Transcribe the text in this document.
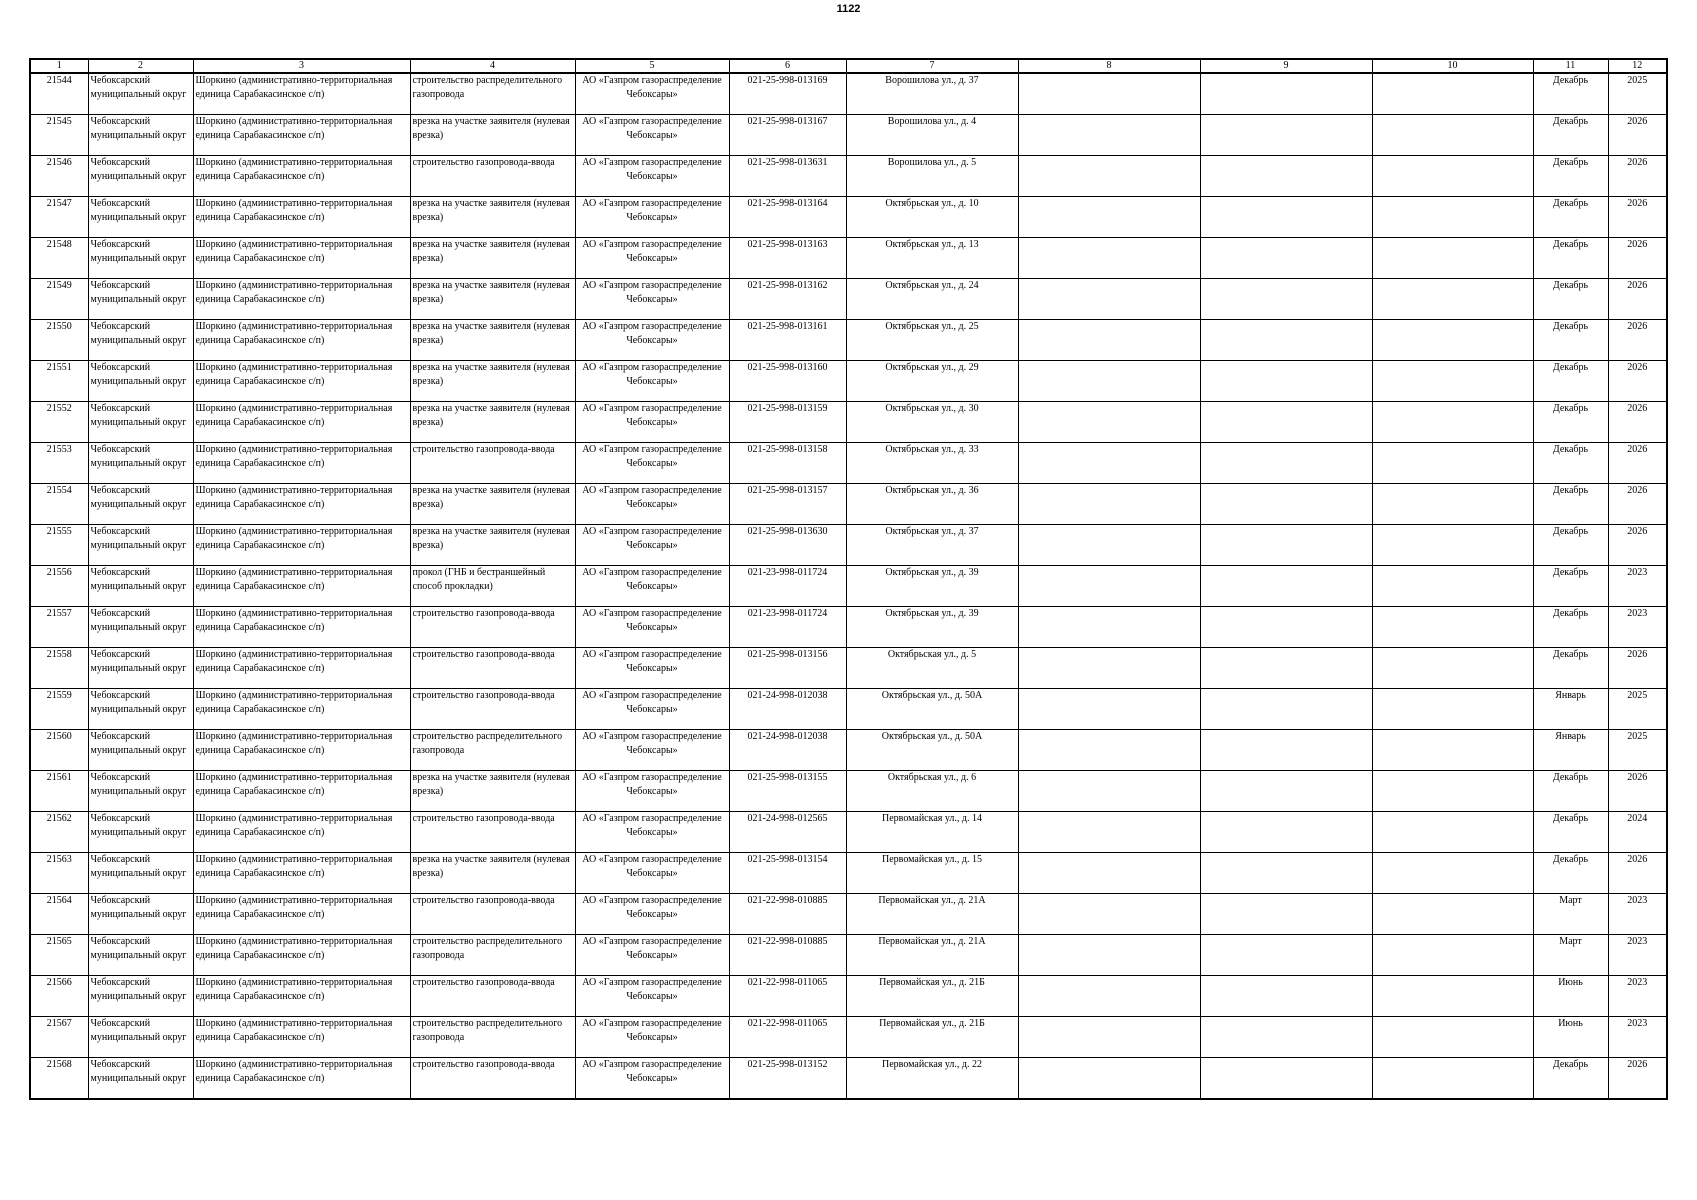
1122
1	2	3	4	5	6	7	8	9	10	11	12

21544	Чебоксарский муниципальный округ	Шоркино (административно-территориальная единица Сарабакасинское с/п)	строительство распределительного газопровода	АО «Газпром газораспределение Чебоксары»	021-25-998-013169	Ворошилова ул., д. 37				Декабрь	2025

21545	Чебоксарский муниципальный округ	Шоркино (административно-территориальная единица Сарабакасинское с/п)	врезка на участке заявителя (нулевая врезка)	АО «Газпром газораспределение Чебоксары»	021-25-998-013167	Ворошилова ул., д. 4				Декабрь	2026

21546	Чебоксарский муниципальный округ	Шоркино (административно-территориальная единица Сарабакасинское с/п)	строительство газопровода-ввода	АО «Газпром газораспределение Чебоксары»	021-25-998-013631	Ворошилова ул., д. 5				Декабрь	2026

21547	Чебоксарский муниципальный округ	Шоркино (административно-территориальная единица Сарабакасинское с/п)	врезка на участке заявителя (нулевая врезка)	АО «Газпром газораспределение Чебоксары»	021-25-998-013164	Октябрьская ул., д. 10				Декабрь	2026

21548	Чебоксарский муниципальный округ	Шоркино (административно-территориальная единица Сарабакасинское с/п)	врезка на участке заявителя (нулевая врезка)	АО «Газпром газораспределение Чебоксары»	021-25-998-013163	Октябрьская ул., д. 13				Декабрь	2026

21549	Чебоксарский муниципальный округ	Шоркино (административно-территориальная единица Сарабакасинское с/п)	врезка на участке заявителя (нулевая врезка)	АО «Газпром газораспределение Чебоксары»	021-25-998-013162	Октябрьская ул., д. 24				Декабрь	2026

21550	Чебоксарский муниципальный округ	Шоркино (административно-территориальная единица Сарабакасинское с/п)	врезка на участке заявителя (нулевая врезка)	АО «Газпром газораспределение Чебоксары»	021-25-998-013161	Октябрьская ул., д. 25				Декабрь	2026

21551	Чебоксарский муниципальный округ	Шоркино (административно-территориальная единица Сарабакасинское с/п)	врезка на участке заявителя (нулевая врезка)	АО «Газпром газораспределение Чебоксары»	021-25-998-013160	Октябрьская ул., д. 29				Декабрь	2026

21552	Чебоксарский муниципальный округ	Шоркино (административно-территориальная единица Сарабакасинское с/п)	врезка на участке заявителя (нулевая врезка)	АО «Газпром газораспределение Чебоксары»	021-25-998-013159	Октябрьская ул., д. 30				Декабрь	2026

21553	Чебоксарский муниципальный округ	Шоркино (административно-территориальная единица Сарабакасинское с/п)	строительство газопровода-ввода	АО «Газпром газораспределение Чебоксары»	021-25-998-013158	Октябрьская ул., д. 33				Декабрь	2026

21554	Чебоксарский муниципальный округ	Шоркино (административно-территориальная единица Сарабакасинское с/п)	врезка на участке заявителя (нулевая врезка)	АО «Газпром газораспределение Чебоксары»	021-25-998-013157	Октябрьская ул., д. 36				Декабрь	2026

21555	Чебоксарский муниципальный округ	Шоркино (административно-территориальная единица Сарабакасинское с/п)	врезка на участке заявителя (нулевая врезка)	АО «Газпром газораспределение Чебоксары»	021-25-998-013630	Октябрьская ул., д. 37				Декабрь	2026

21556	Чебоксарский муниципальный округ	Шоркино (административно-территориальная единица Сарабакасинское с/п)	прокол (ГНБ и бестраншейный способ прокладки)	АО «Газпром газораспределение Чебоксары»	021-23-998-011724	Октябрьская ул., д. 39				Декабрь	2023

21557	Чебоксарский муниципальный округ	Шоркино (административно-территориальная единица Сарабакасинское с/п)	строительство газопровода-ввода	АО «Газпром газораспределение Чебоксары»	021-23-998-011724	Октябрьская ул., д. 39				Декабрь	2023

21558	Чебоксарский муниципальный округ	Шоркино (административно-территориальная единица Сарабакасинское с/п)	строительство газопровода-ввода	АО «Газпром газораспределение Чебоксары»	021-25-998-013156	Октябрьская ул., д. 5				Декабрь	2026

21559	Чебоксарский муниципальный округ	Шоркино (административно-территориальная единица Сарабакасинское с/п)	строительство газопровода-ввода	АО «Газпром газораспределение Чебоксары»	021-24-998-012038	Октябрьская ул., д. 50А				Январь	2025

21560	Чебоксарский муниципальный округ	Шоркино (административно-территориальная единица Сарабакасинское с/п)	строительство распределительного газопровода	АО «Газпром газораспределение Чебоксары»	021-24-998-012038	Октябрьская ул., д. 50А				Январь	2025

21561	Чебоксарский муниципальный округ	Шоркино (административно-территориальная единица Сарабакасинское с/п)	врезка на участке заявителя (нулевая врезка)	АО «Газпром газораспределение Чебоксары»	021-25-998-013155	Октябрьская ул., д. 6				Декабрь	2026

21562	Чебоксарский муниципальный округ	Шоркино (административно-территориальная единица Сарабакасинское с/п)	строительство газопровода-ввода	АО «Газпром газораспределение Чебоксары»	021-24-998-012565	Первомайская ул., д. 14				Декабрь	2024

21563	Чебоксарский муниципальный округ	Шоркино (административно-территориальная единица Сарабакасинское с/п)	врезка на участке заявителя (нулевая врезка)	АО «Газпром газораспределение Чебоксары»	021-25-998-013154	Первомайская ул., д. 15				Декабрь	2026

21564	Чебоксарский муниципальный округ	Шоркино (административно-территориальная единица Сарабакасинское с/п)	строительство газопровода-ввода	АО «Газпром газораспределение Чебоксары»	021-22-998-010885	Первомайская ул., д. 21А				Март	2023

21565	Чебоксарский муниципальный округ	Шоркино (административно-территориальная единица Сарабакасинское с/п)	строительство распределительного газопровода	АО «Газпром газораспределение Чебоксары»	021-22-998-010885	Первомайская ул., д. 21А				Март	2023

21566	Чебоксарский муниципальный округ	Шоркино (административно-территориальная единица Сарабакасинское с/п)	строительство газопровода-ввода	АО «Газпром газораспределение Чебоксары»	021-22-998-011065	Первомайская ул., д. 21Б				Июнь	2023

21567	Чебоксарский муниципальный округ	Шоркино (административно-территориальная единица Сарабакасинское с/п)	строительство распределительного газопровода	АО «Газпром газораспределение Чебоксары»	021-22-998-011065	Первомайская ул., д. 21Б				Июнь	2023

21568	Чебоксарский муниципальный округ	Шоркино (административно-территориальная единица Сарабакасинское с/п)	строительство газопровода-ввода	АО «Газпром газораспределение Чебоксары»	021-25-998-013152	Первомайская ул., д. 22				Декабрь	2026
